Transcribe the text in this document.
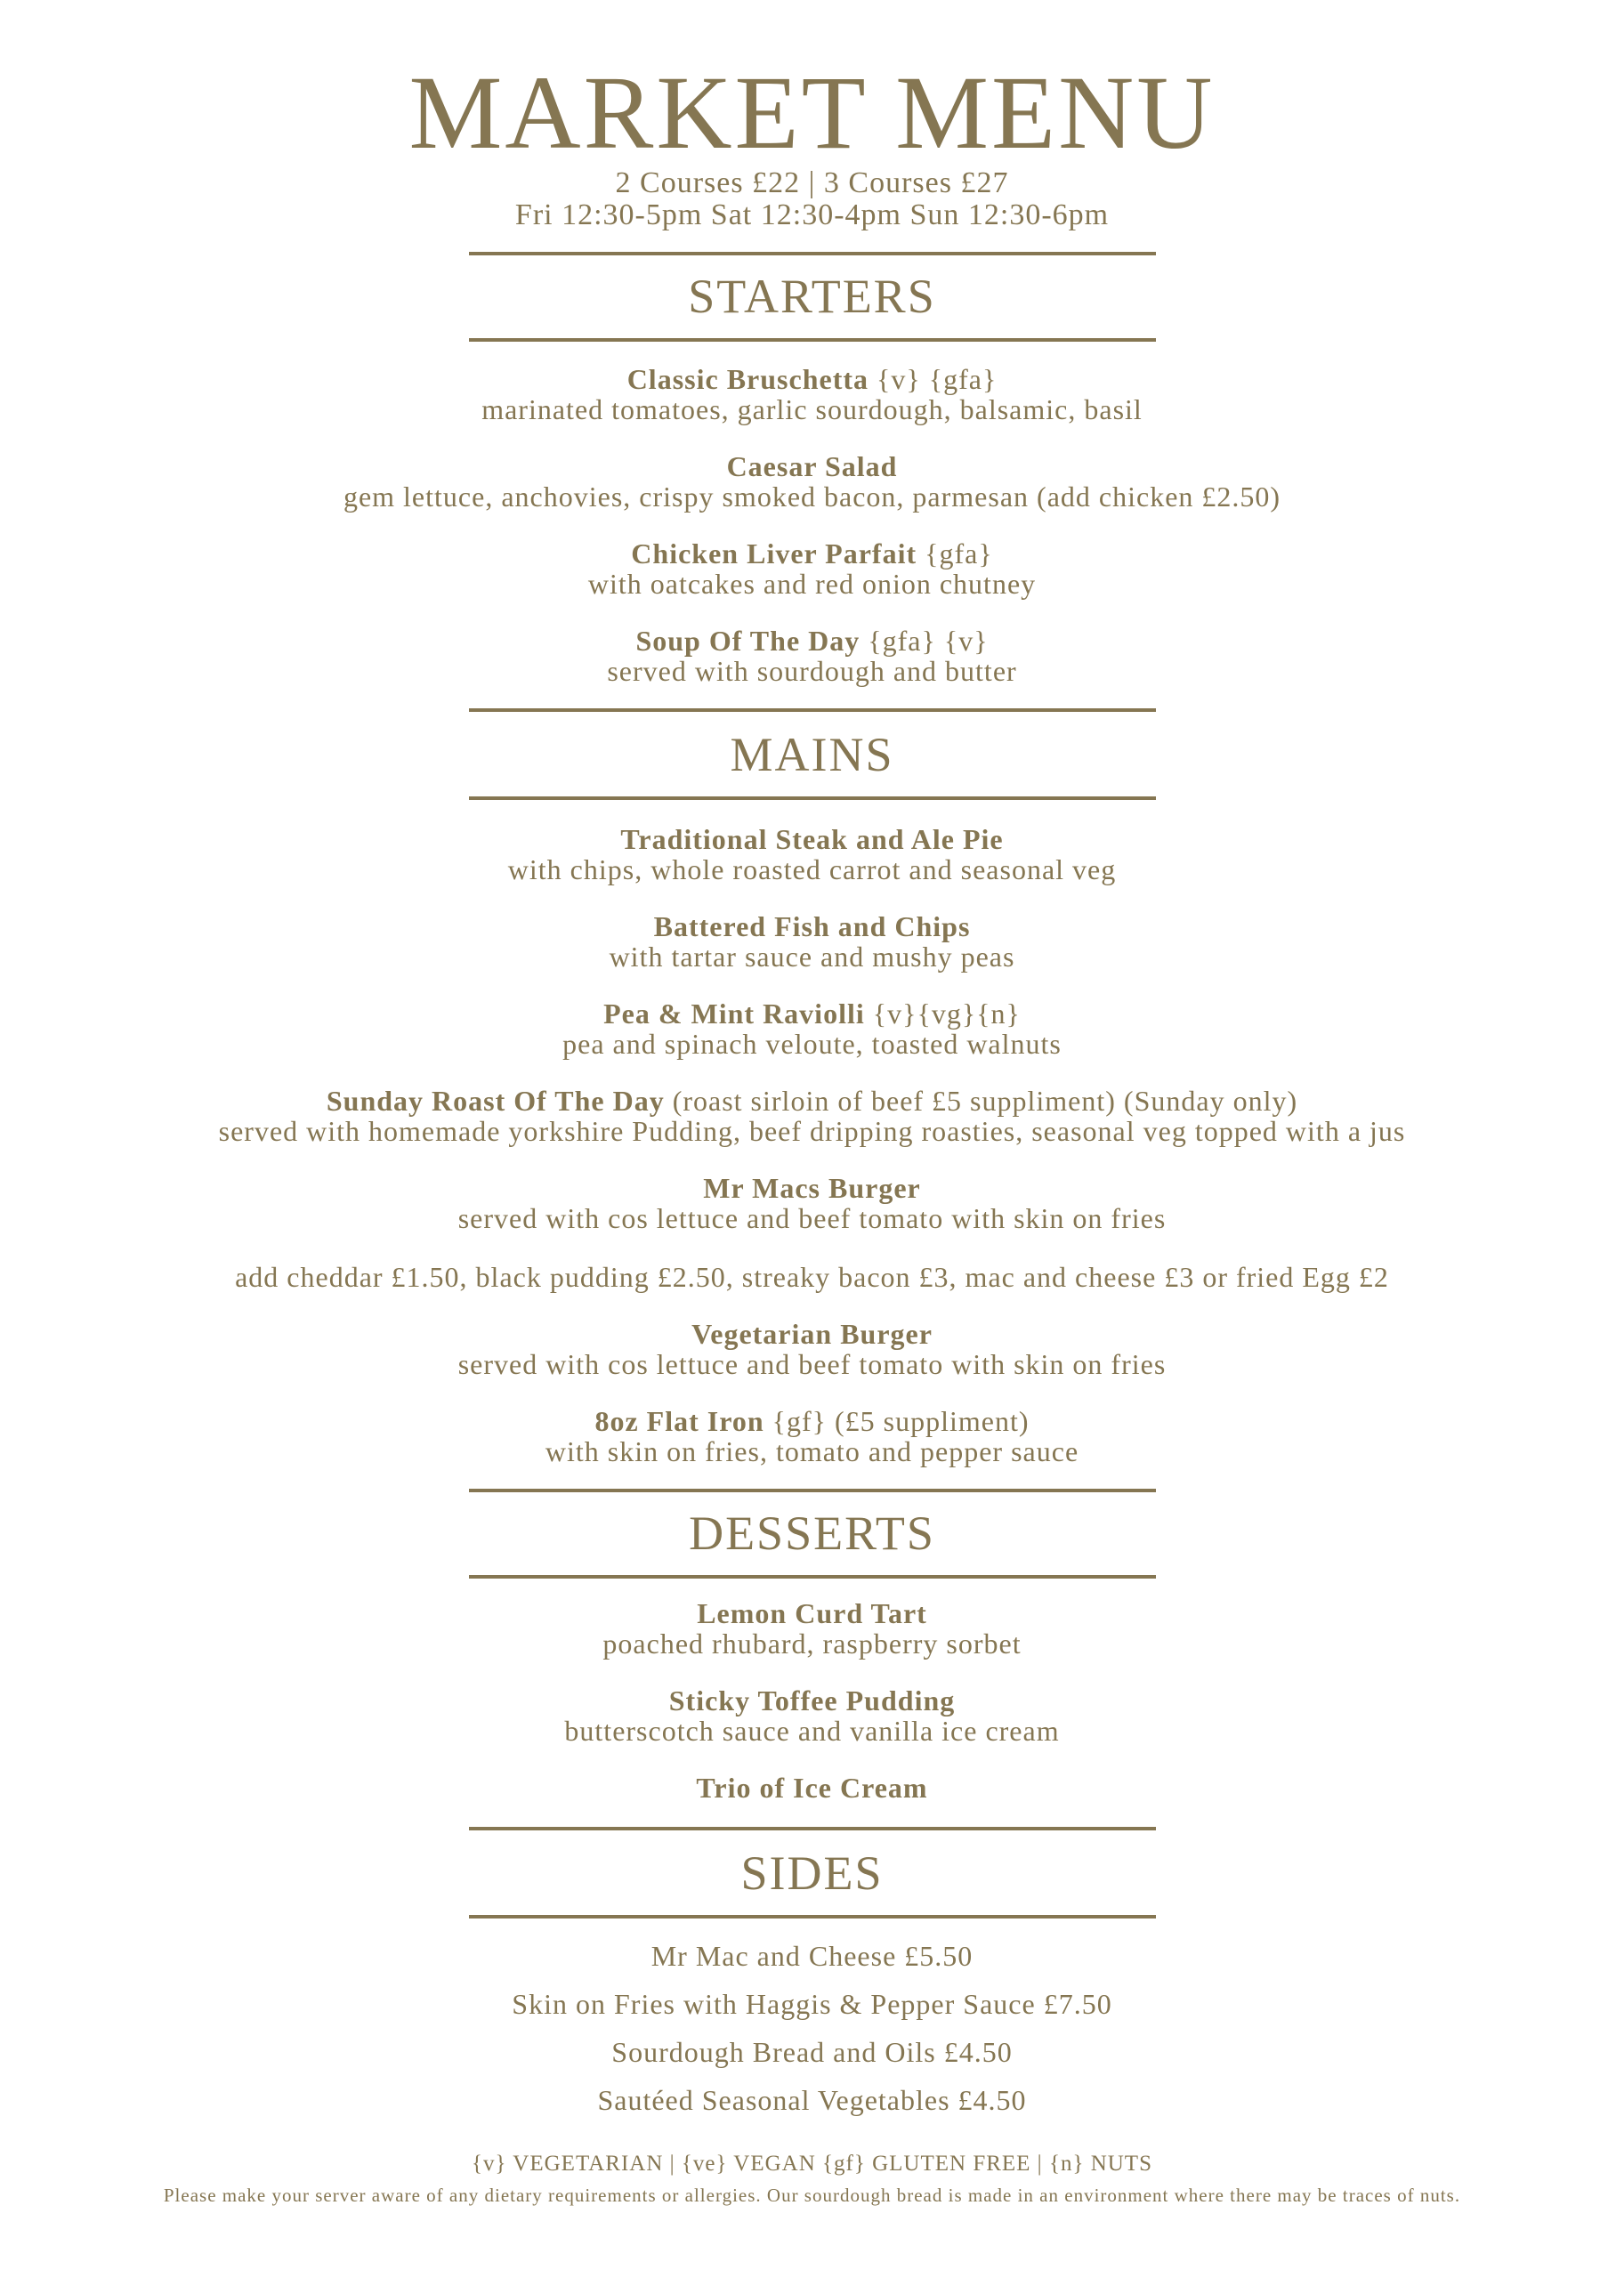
MARKET MENU
2 Courses £22 | 3 Courses £27
Fri 12:30-5pm Sat 12:30-4pm Sun 12:30-6pm
STARTERS
Classic Bruschetta {v} {gfa}
marinated tomatoes, garlic sourdough, balsamic, basil
Caesar Salad
gem lettuce, anchovies, crispy smoked bacon, parmesan (add chicken £2.50)
Chicken Liver Parfait {gfa}
with oatcakes and red onion chutney
Soup Of The Day {gfa} {v}
served with sourdough and butter
MAINS
Traditional Steak and Ale Pie
with chips, whole roasted carrot and seasonal veg
Battered Fish and Chips
with tartar sauce and mushy peas
Pea & Mint Raviolli {v}{vg}{n}
pea and spinach veloute, toasted walnuts
Sunday Roast Of The Day (roast sirloin of beef £5 suppliment) (Sunday only)
served with homemade yorkshire Pudding, beef dripping roasties, seasonal veg topped with a jus
Mr Macs Burger
served with cos lettuce and beef tomato with skin on fries
add cheddar £1.50, black pudding £2.50, streaky bacon £3, mac and cheese £3 or fried Egg £2
Vegetarian Burger
served with cos lettuce and beef tomato with skin on fries
8oz Flat Iron {gf} (£5 suppliment)
with skin on fries, tomato and pepper sauce
DESSERTS
Lemon Curd Tart
poached rhubard, raspberry sorbet
Sticky Toffee Pudding
butterscotch sauce and vanilla ice cream
Trio of Ice Cream
SIDES
Mr Mac and Cheese £5.50
Skin on Fries with Haggis & Pepper Sauce £7.50
Sourdough Bread and Oils £4.50
Sautéed Seasonal Vegetables £4.50
{v} VEGETARIAN | {ve} VEGAN {gf} GLUTEN FREE | {n} NUTS
Please make your server aware of any dietary requirements or allergies. Our sourdough bread is made in an environment where there may be traces of nuts.
